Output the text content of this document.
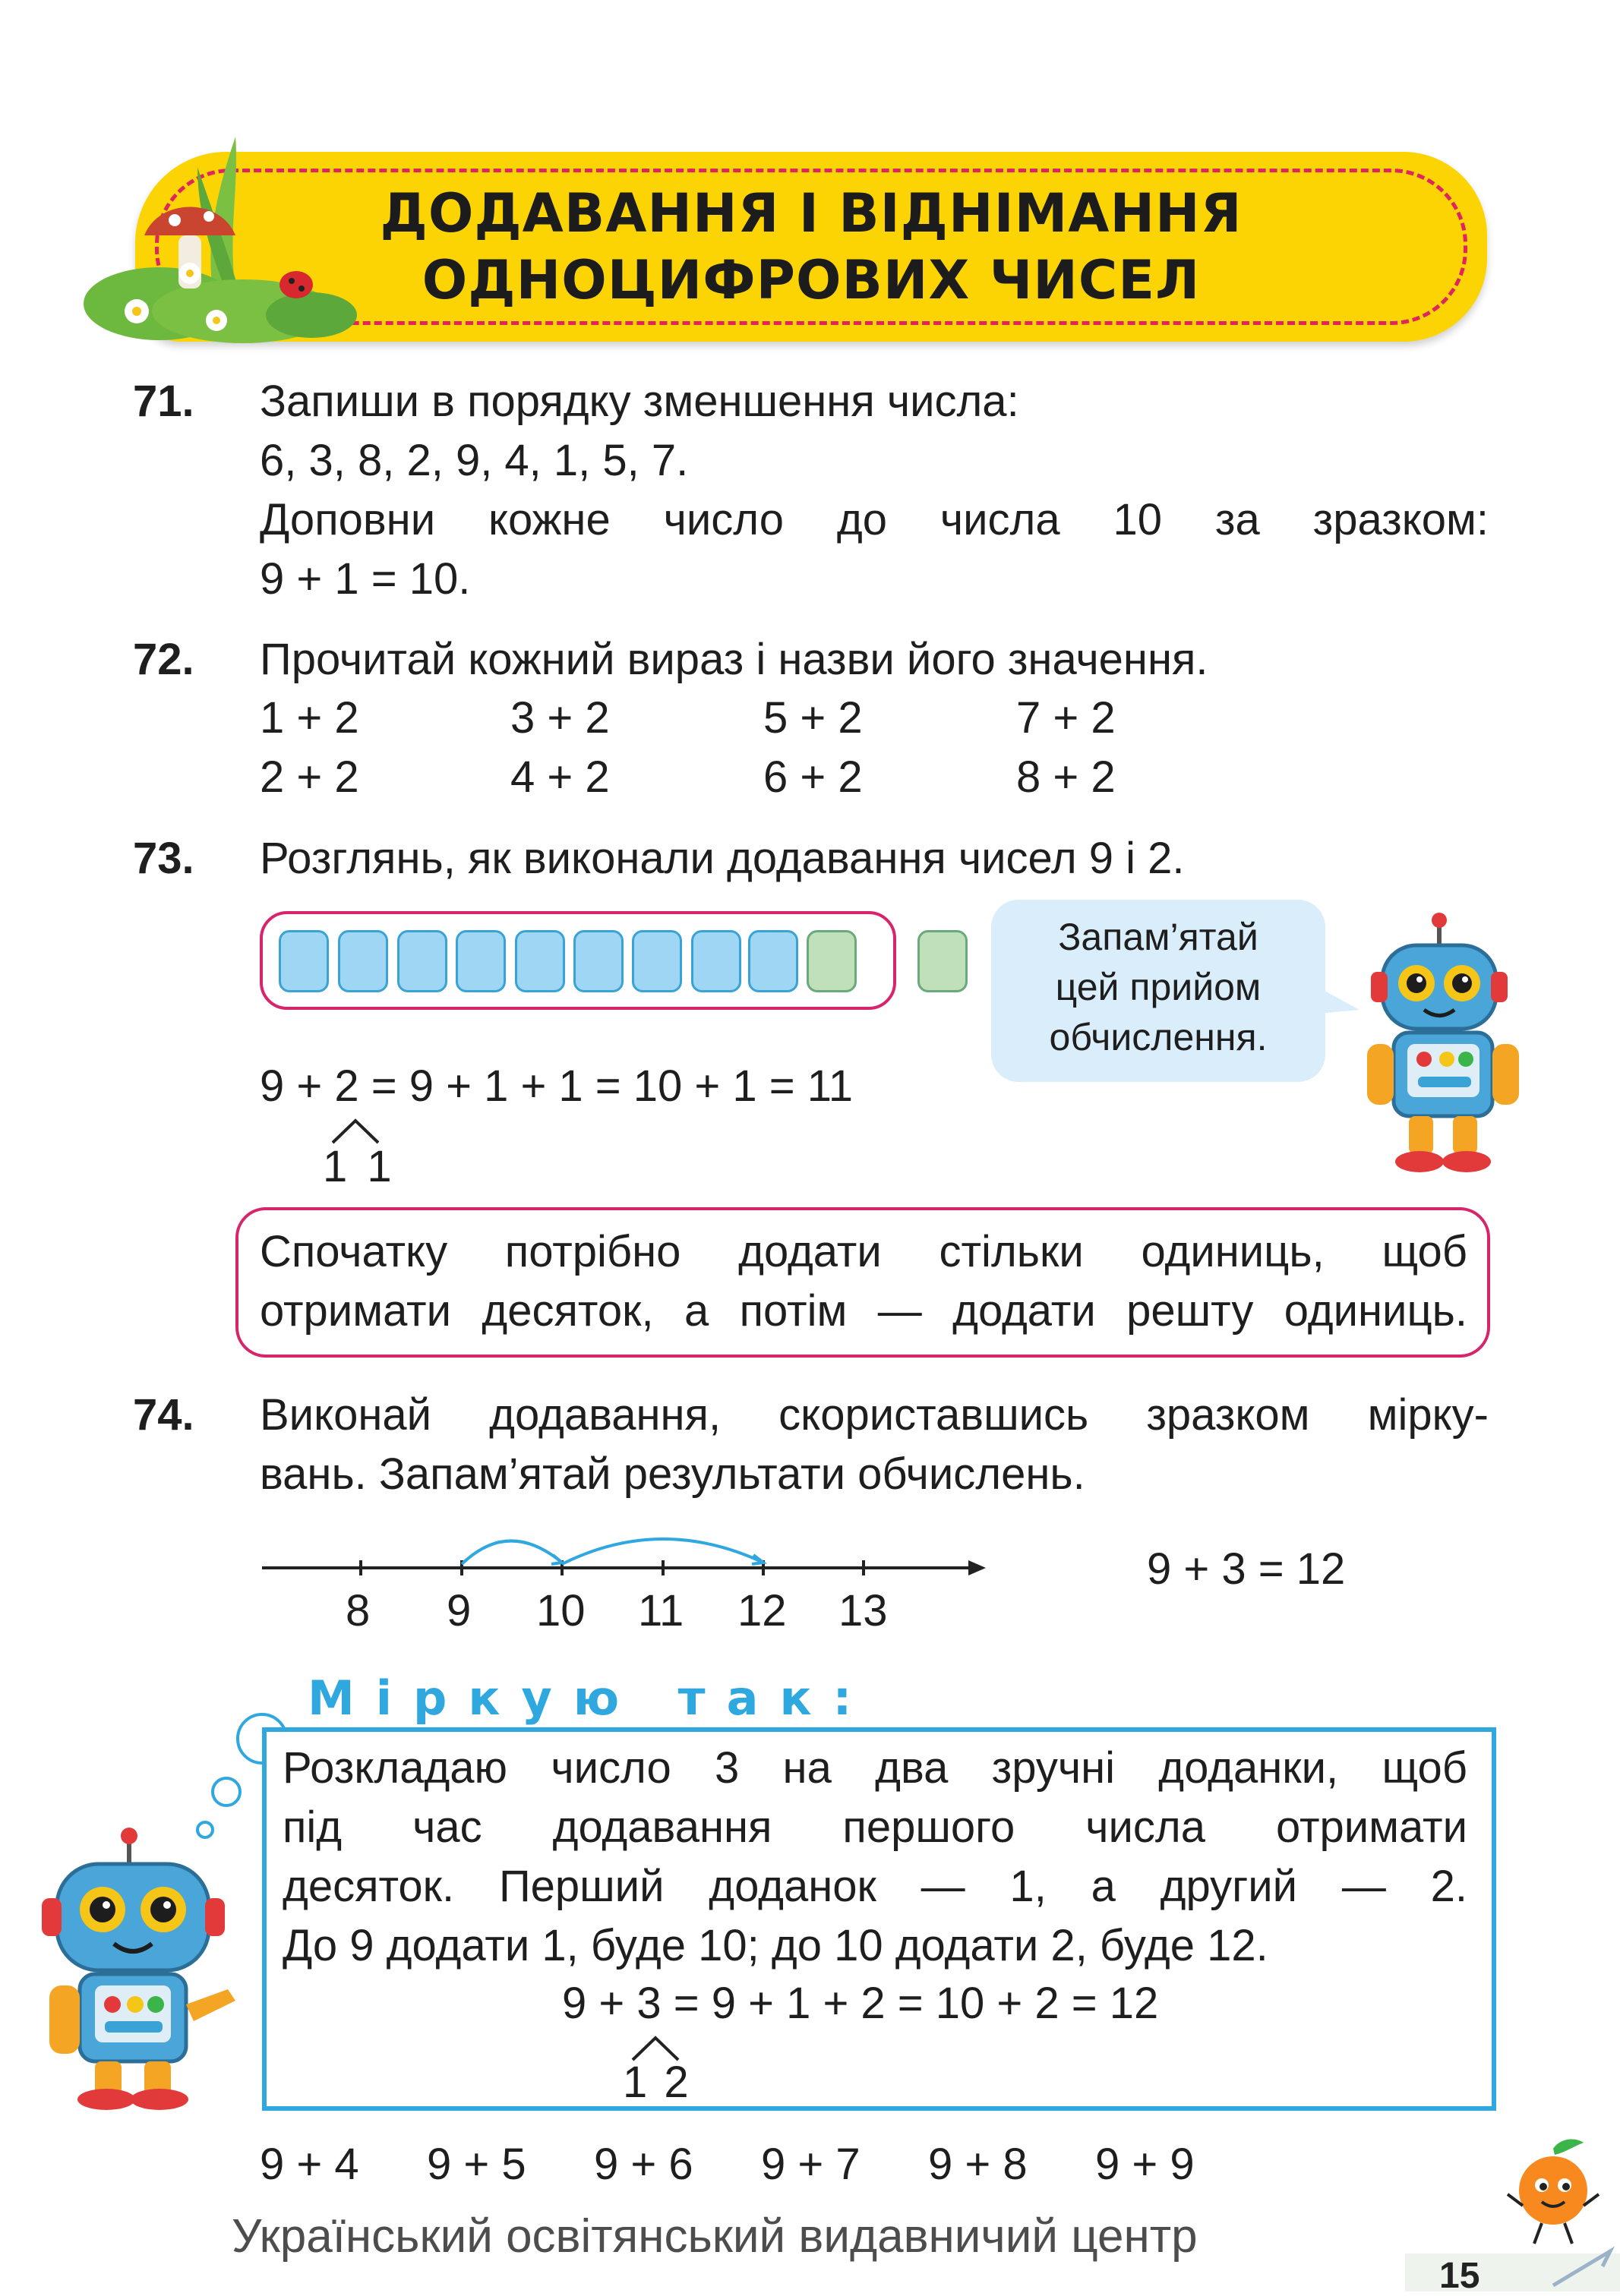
ДОДАВАННЯ І ВІДНІМАННЯ
ОДНОЦИФРОВИХ ЧИСЕЛ
71. Запиши в порядку зменшення числа:
6, 3, 8, 2, 9, 4, 1, 5, 7.
Доповни кожне число до числа 10 за зразком:
9 + 1 = 10.
72. Прочитай кожний вираз і назви його значення.
1 + 2	3 + 2	5 + 2	7 + 2
2 + 2	4 + 2	6 + 2	8 + 2
73. Розглянь, як виконали додавання чисел 9 і 2.
Запам’ятай
цей прийом
обчислення.
9 + 2 = 9 + 1 + 1 = 10 + 1 = 11
1 1
Спочатку потрібно додати стільки одиниць, щоб
отримати десяток, а потім — додати решту одиниць.
74. Виконай додавання, скориставшись зразком мірку-
вань. Запам’ятай результати обчислень.
8 9 10 11 12 13
9 + 3 = 12
Міркую так:
Розкладаю число 3 на два зручні доданки, щоб
під час додавання першого числа отримати
десяток. Перший доданок — 1, а другий — 2.
До 9 додати 1, буде 10; до 10 додати 2, буде 12.
9 + 3 = 9 + 1 + 2 = 10 + 2 = 12
1 2
9 + 4 9 + 5 9 + 6 9 + 7 9 + 8 9 + 9
Український освітянський видавничий центр
15
